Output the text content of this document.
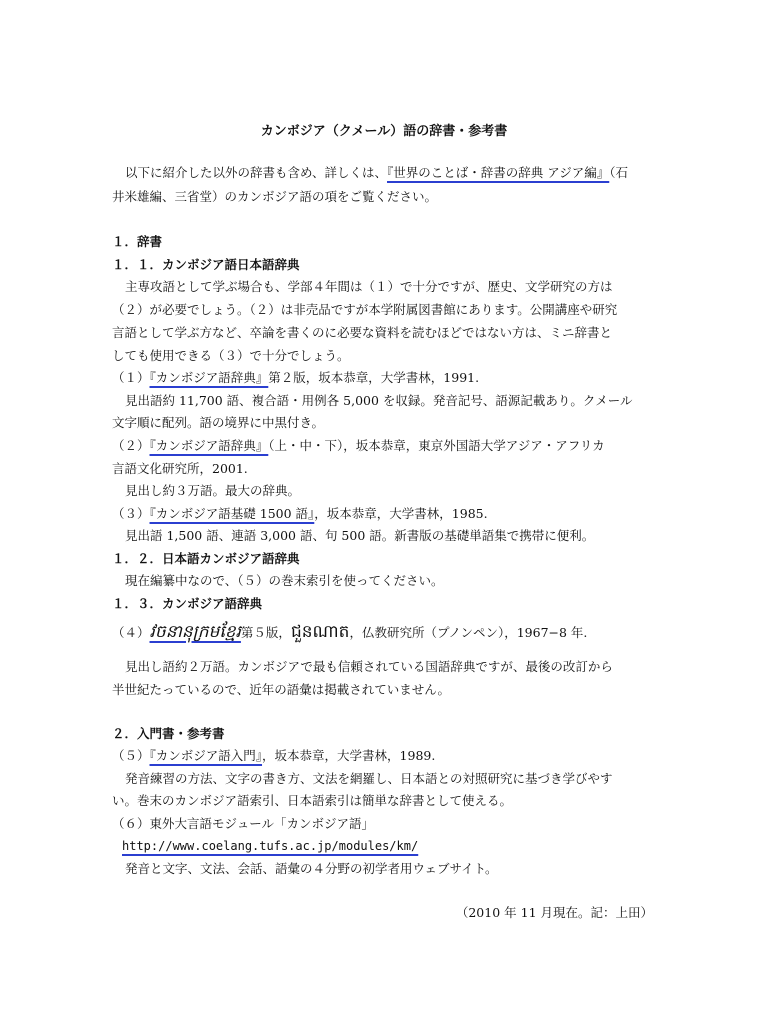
カンボジア（クメール）語の辞書・参考書
以下に紹介した以外の辞書も含め、詳しくは、『世界のことば・辞書の辞典 アジア編』（石
井米雄編、三省堂）のカンボジア語の項をご覧ください。
１．辞書
１．１．カンボジア語日本語辞典
主専攻語として学ぶ場合も、学部４年間は（１）で十分ですが、歴史、文学研究の方は
（２）が必要でしょう。（２）は非売品ですが本学附属図書館にあります。公開講座や研究
言語として学ぶ方など、卒論を書くのに必要な資料を読むほどではない方は、ミニ辞書と
しても使用できる（３）で十分でしょう。
（１）『カンボジア語辞典』第２版，坂本恭章，大学書林，1991.
見出語約 11,700 語、複合語・用例各 5,000 を収録。発音記号、語源記載あり。クメール
文字順に配列。語の境界に中黒付き。
（２）『カンボジア語辞典』（上・中・下），坂本恭章，東京外国語大学アジア・アフリカ
言語文化研究所，2001.
見出し約３万語。最大の辞典。
（３）『カンボジア語基礎 1500 語』，坂本恭章，大学書林，1985.
見出語 1,500 語、連語 3,000 語、句 500 語。新書版の基礎単語集で携帯に便利。
１．２．日本語カンボジア語辞典
現在編纂中なので、（５）の巻末索引を使ってください。
１．３．カンボジア語辞典
（４）វចនានុក្រមខ្មែរ第５版，ជួនណាត，仏教研究所（プノンペン），1967−8 年.
見出し語約２万語。カンボジアで最も信頼されている国語辞典ですが、最後の改訂から
半世紀たっているので、近年の語彙は掲載されていません。
２．入門書・参考書
（５）『カンボジア語入門』，坂本恭章，大学書林，1989.
発音練習の方法、文字の書き方、文法を網羅し、日本語との対照研究に基づき学びやす
い。巻末のカンボジア語索引、日本語索引は簡単な辞書として使える。
（６）東外大言語モジュール「カンボジア語」
http://www.coelang.tufs.ac.jp/modules/km/
発音と文字、文法、会話、語彙の４分野の初学者用ウェブサイト。
（2010 年 11 月現在。記：上田）
